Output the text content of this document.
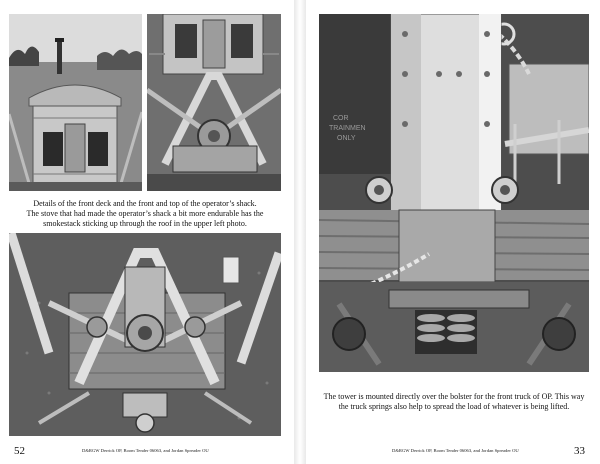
Details of the front deck and the front and top of the operator’s shack.
The stove that had made the operator’s shack a bit more endurable has the
smokestack sticking up through the roof in the upper left photo.
52	D&RGW Derrick OP, Boom Tender 06063, and Jordan Spreader OU
COR
TRAINMEN
ONLY
The tower is mounted directly over the bolster for the front truck of OP. This way
the truck springs also help to spread the load of whatever is being lifted.
D&RGW Derrick OP, Boom Tender 06063, and Jordan Spreader OU	33
